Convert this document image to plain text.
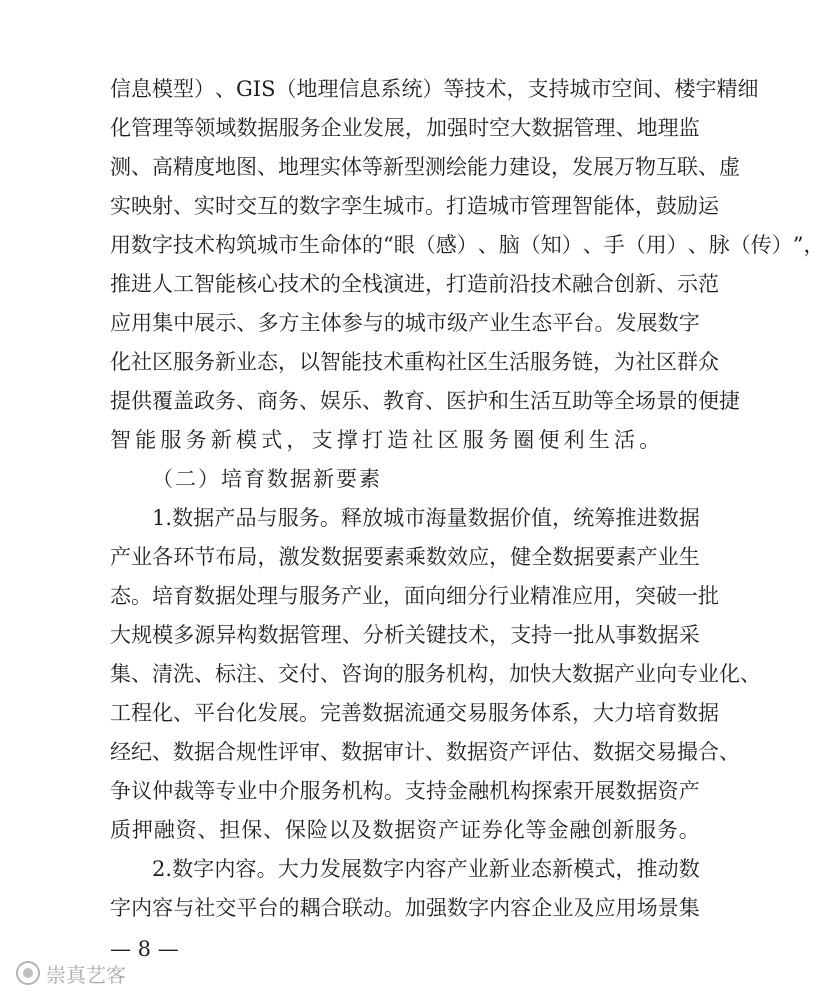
信 息 模 型 ） 、 GIS （ 地 理 信 息 系 统 ） 等 技 术 ， 支 持 城 市 空 间 、 楼 宇 精 细
化 管 理 等 领 域 数 据 服 务 企 业 发 展 ， 加 强 时 空 大 数 据 管 理 、 地 理 监
测 、 高 精 度 地 图 、 地 理 实 体 等 新 型 测 绘 能 力 建 设 ， 发 展 万 物 互 联 、 虚
实 映 射 、 实 时 交 互 的 数 字 孪 生 城 市 。 打 造 城 市 管 理 智 能 体 ， 鼓 励 运
用 数 字 技 术 构 筑 城 市 生 命 体 的 “ 眼 （ 感 ） 、 脑 （ 知 ） 、 手 （ 用 ） 、 脉 （ 传 ） ” ，
推 进 人 工 智 能 核 心 技 术 的 全 栈 演 进 ， 打 造 前 沿 技 术 融 合 创 新 、 示 范
应 用 集 中 展 示 、 多 方 主 体 参 与 的 城 市 级 产 业 生 态 平 台 。 发 展 数 字
化 社 区 服 务 新 业 态 ， 以 智 能 技 术 重 构 社 区 生 活 服 务 链 ， 为 社 区 群 众
提 供 覆 盖 政 务 、 商 务 、 娱 乐 、 教 育 、 医 护 和 生 活 互 助 等 全 场 景 的 便 捷
智能服务新模式，支撑打造社区服务圈便利生活。
（二）培育数据新要素
1. 数 据 产 品 与 服 务 。 释 放 城 市 海 量 数 据 价 值 ， 统 筹 推 进 数 据
产 业 各 环 节 布 局 ， 激 发 数 据 要 素 乘 数 效 应 ， 健 全 数 据 要 素 产 业 生
态 。 培 育 数 据 处 理 与 服 务 产 业 ， 面 向 细 分 行 业 精 准 应 用 ， 突 破 一 批
大 规 模 多 源 异 构 数 据 管 理 、 分 析 关 键 技 术 ， 支 持 一 批 从 事 数 据 采
集 、 清 洗 、 标 注 、 交 付 、 咨 询 的 服 务 机 构 ， 加 快 大 数 据 产 业 向 专 业 化 、
工 程 化 、 平 台 化 发 展 。 完 善 数 据 流 通 交 易 服 务 体 系 ， 大 力 培 育 数 据
经 纪 、 数 据 合 规 性 评 审 、 数 据 审 计 、 数 据 资 产 评 估 、 数 据 交 易 撮 合 、
争 议 仲 裁 等 专 业 中 介 服 务 机 构 。 支 持 金 融 机 构 探 索 开 展 数 据 资 产
质 押 融 资 、 担 保 、 保 险 以 及 数 据 资 产 证 券 化 等 金 融 创 新 服 务 。
2. 数 字 内 容 。 大 力 发 展 数 字 内 容 产 业 新 业 态 新 模 式 ， 推 动 数
字 内 容 与 社 交 平 台 的 耦 合 联 动 。 加 强 数 字 内 容 企 业 及 应 用 场 景 集
— 8 —
崇真艺客
